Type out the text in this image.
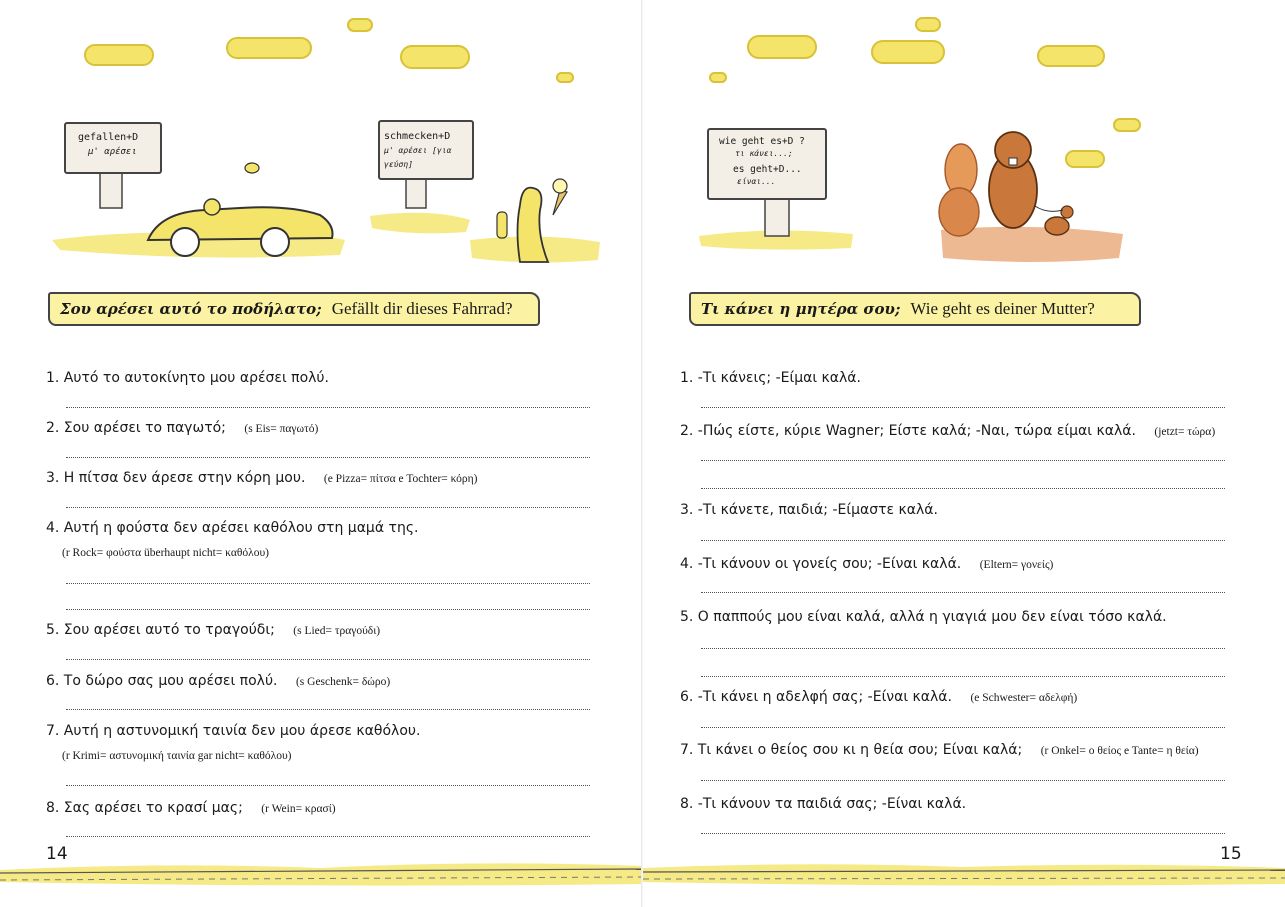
gefallen+D
μ' αρέσει
schmecken+D
μ' αρέσει [για γεύση]
Σου αρέσει αυτό το ποδήλατο; Gefällt dir dieses Fahrrad?
1. Αυτό το αυτοκίνητο μου αρέσει πολύ.
2. Σου αρέσει το παγωτό; (s Eis= παγωτό)
3. Η πίτσα δεν άρεσε στην κόρη μου. (e Pizza= πίτσα e Tochter= κόρη)
4. Αυτή η φούστα δεν αρέσει καθόλου στη μαμά της.
(r Rock= φούστα überhaupt nicht= καθόλου)
5. Σου αρέσει αυτό το τραγούδι; (s Lied= τραγούδι)
6. Το δώρο σας μου αρέσει πολύ. (s Geschenk= δώρο)
7. Αυτή η αστυνομική ταινία δεν μου άρεσε καθόλου.
(r Krimi= αστυνομική ταινία gar nicht= καθόλου)
8. Σας αρέσει το κρασί μας; (r Wein= κρασί)
14
wie geht es+D ?
τι κάνει...;
es geht+D...
είναι...
Τι κάνει η μητέρα σου; Wie geht es deiner Mutter?
1. -Τι κάνεις; -Είμαι καλά.
2. -Πώς είστε, κύριε Wagner; Είστε καλά; -Ναι, τώρα είμαι καλά. (jetzt= τώρα)
3. -Τι κάνετε, παιδιά; -Είμαστε καλά.
4. -Τι κάνουν οι γονείς σου; -Είναι καλά. (Eltern= γονείς)
5. Ο παππούς μου είναι καλά, αλλά η γιαγιά μου δεν είναι τόσο καλά.
6. -Τι κάνει η αδελφή σας; -Είναι καλά. (e Schwester= αδελφή)
7. Τι κάνει ο θείος σου κι η θεία σου; Είναι καλά; (r Onkel= ο θείος e Tante= η θεία)
8. -Τι κάνουν τα παιδιά σας; -Είναι καλά.
15
